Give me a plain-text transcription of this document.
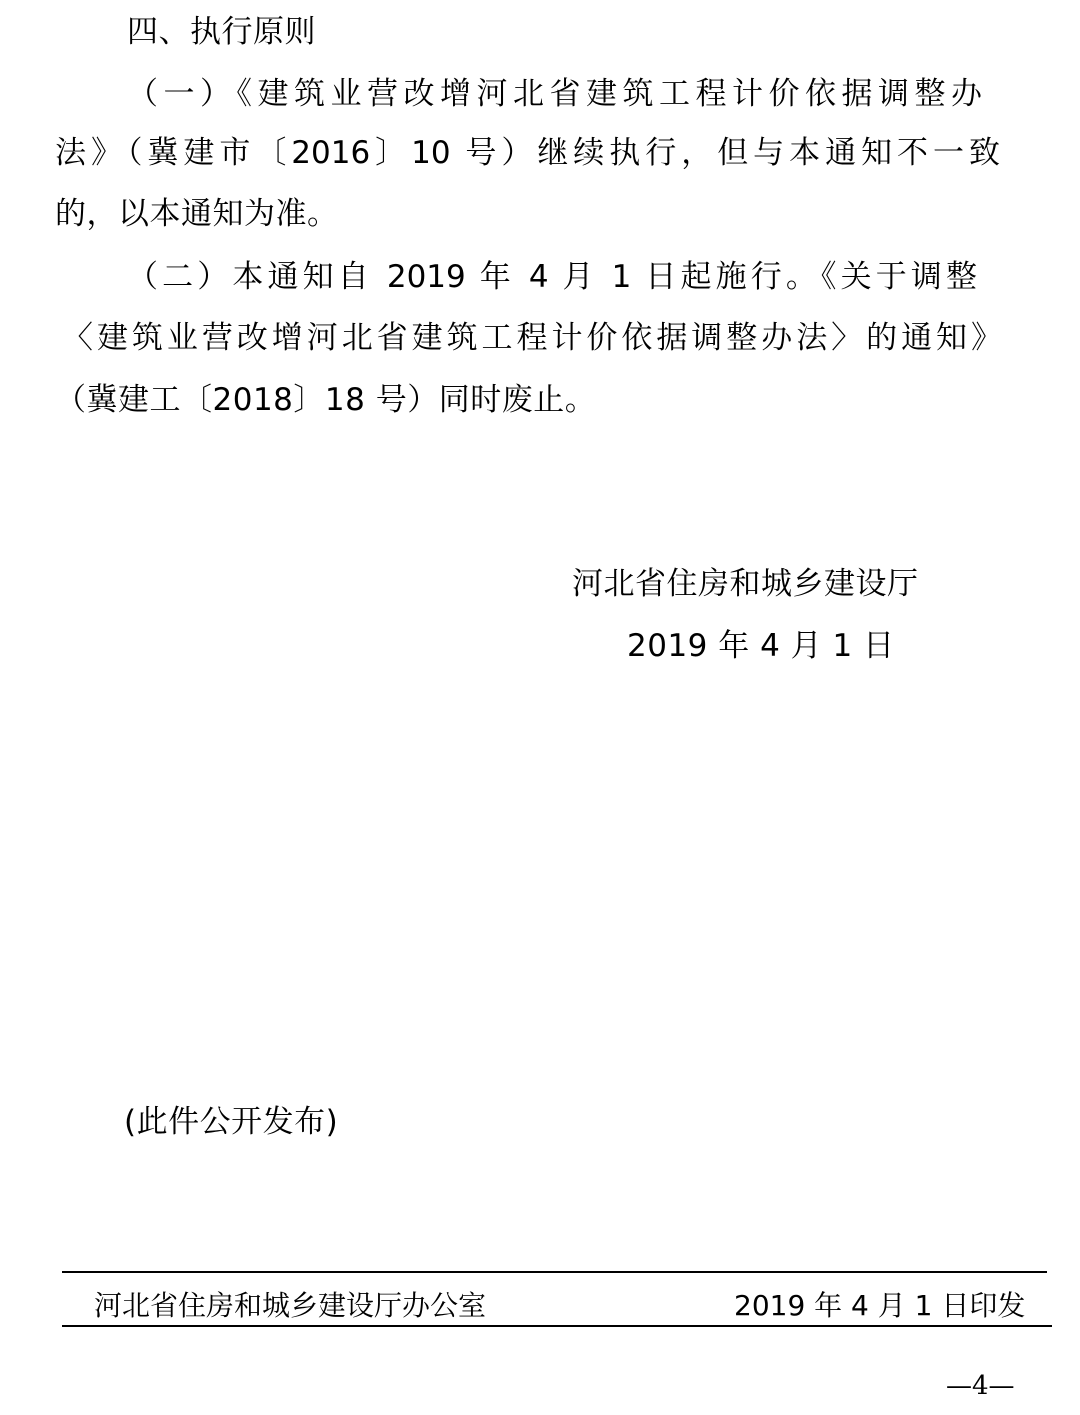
四、执行原则
（一）《建筑业营改增河北省建筑工程计价依据调整办
法》（冀建市〔2016〕10 号）继续执行，但与本通知不一致
的，以本通知为准。
（二）本通知自 2019 年 4 月 1 日起施行。《关于调整
〈建筑业营改增河北省建筑工程计价依据调整办法〉的通知》
（冀建工〔2018〕18 号）同时废止。
河北省住房和城乡建设厅
2019 年 4 月 1 日
(此件公开发布)
河北省住房和城乡建设厅办公室	2019 年 4 月 1 日印发
—4—
